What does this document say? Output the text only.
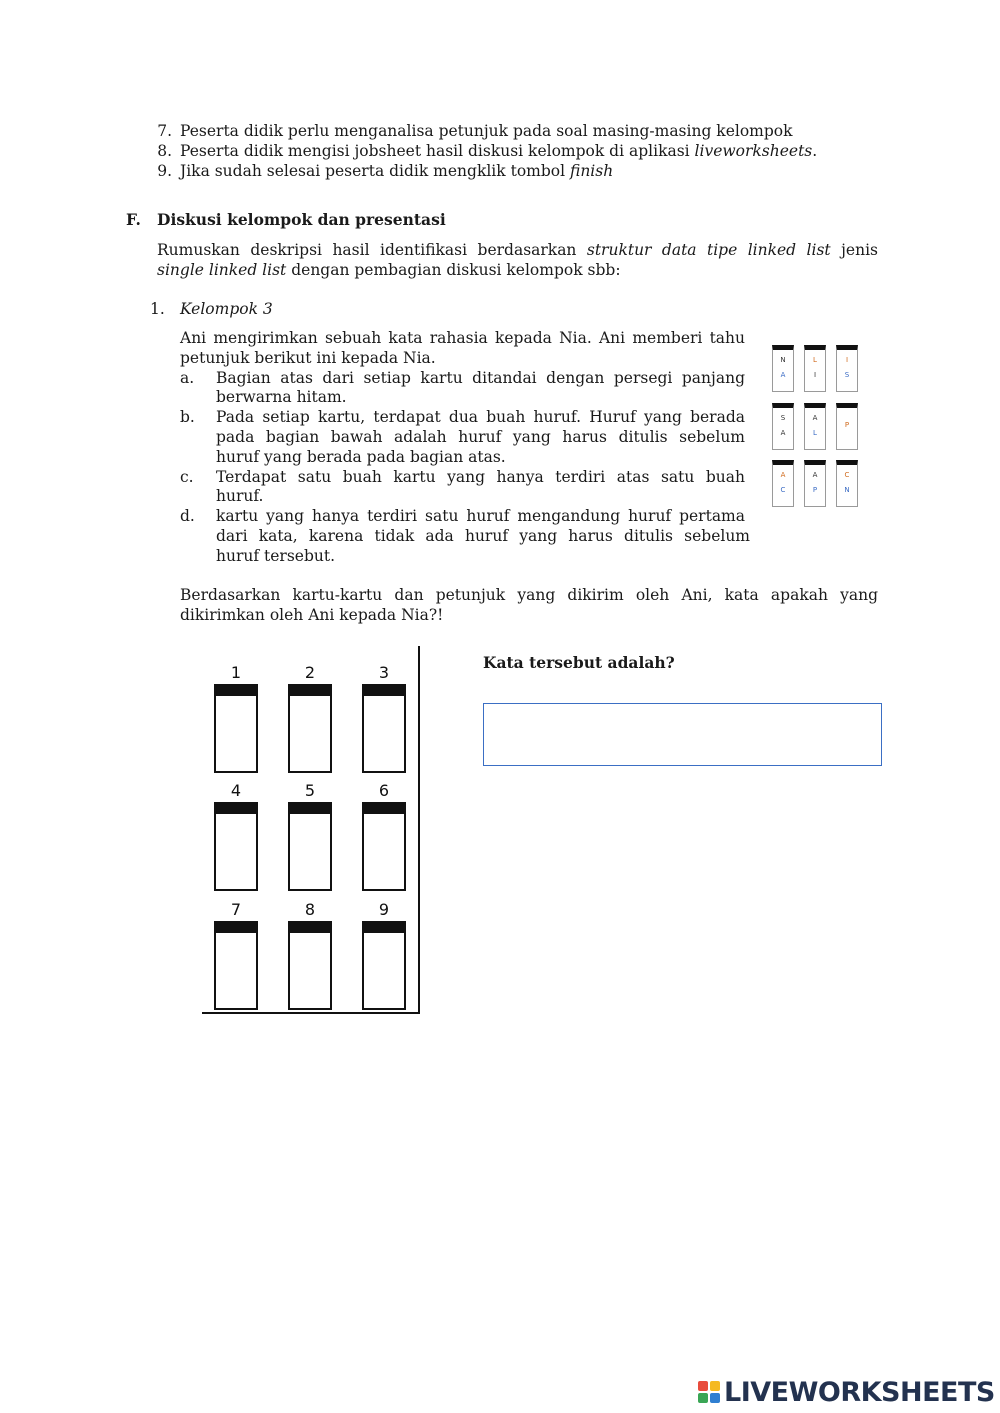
7. Peserta didik perlu menganalisa petunjuk pada soal masing-masing kelompok
8. Peserta didik mengisi jobsheet hasil diskusi kelompok di aplikasi liveworksheets.
9. Jika sudah selesai peserta didik mengklik tombol finish
F. Diskusi kelompok dan presentasi
Rumuskan deskripsi hasil identifikasi berdasarkan struktur data tipe linked list jenis
single linked list dengan pembagian diskusi kelompok sbb:
1. Kelompok 3
Ani mengirimkan sebuah kata rahasia kepada Nia. Ani memberi tahu
petunjuk berikut ini kepada Nia.
a. Bagian atas dari setiap kartu ditandai dengan persegi panjang
berwarna hitam.
b. Pada setiap kartu, terdapat dua buah huruf. Huruf yang berada
pada bagian bawah adalah huruf yang harus ditulis sebelum
huruf yang berada pada bagian atas.
c. Terdapat satu buah kartu yang hanya terdiri atas satu buah
huruf.
d. kartu yang hanya terdiri satu huruf mengandung huruf pertama
dari kata, karena tidak ada huruf yang harus ditulis sebelum
huruf tersebut.
N
A
L
I
I
S
S
A
A
L
P
A
C
A
P
C
N
Berdasarkan kartu-kartu dan petunjuk yang dikirim oleh Ani, kata apakah yang
dikirimkan oleh Ani kepada Nia?!
1	2	3
4	5	6
7	8	9
Kata tersebut adalah?
LIVEWORKSHEETS
